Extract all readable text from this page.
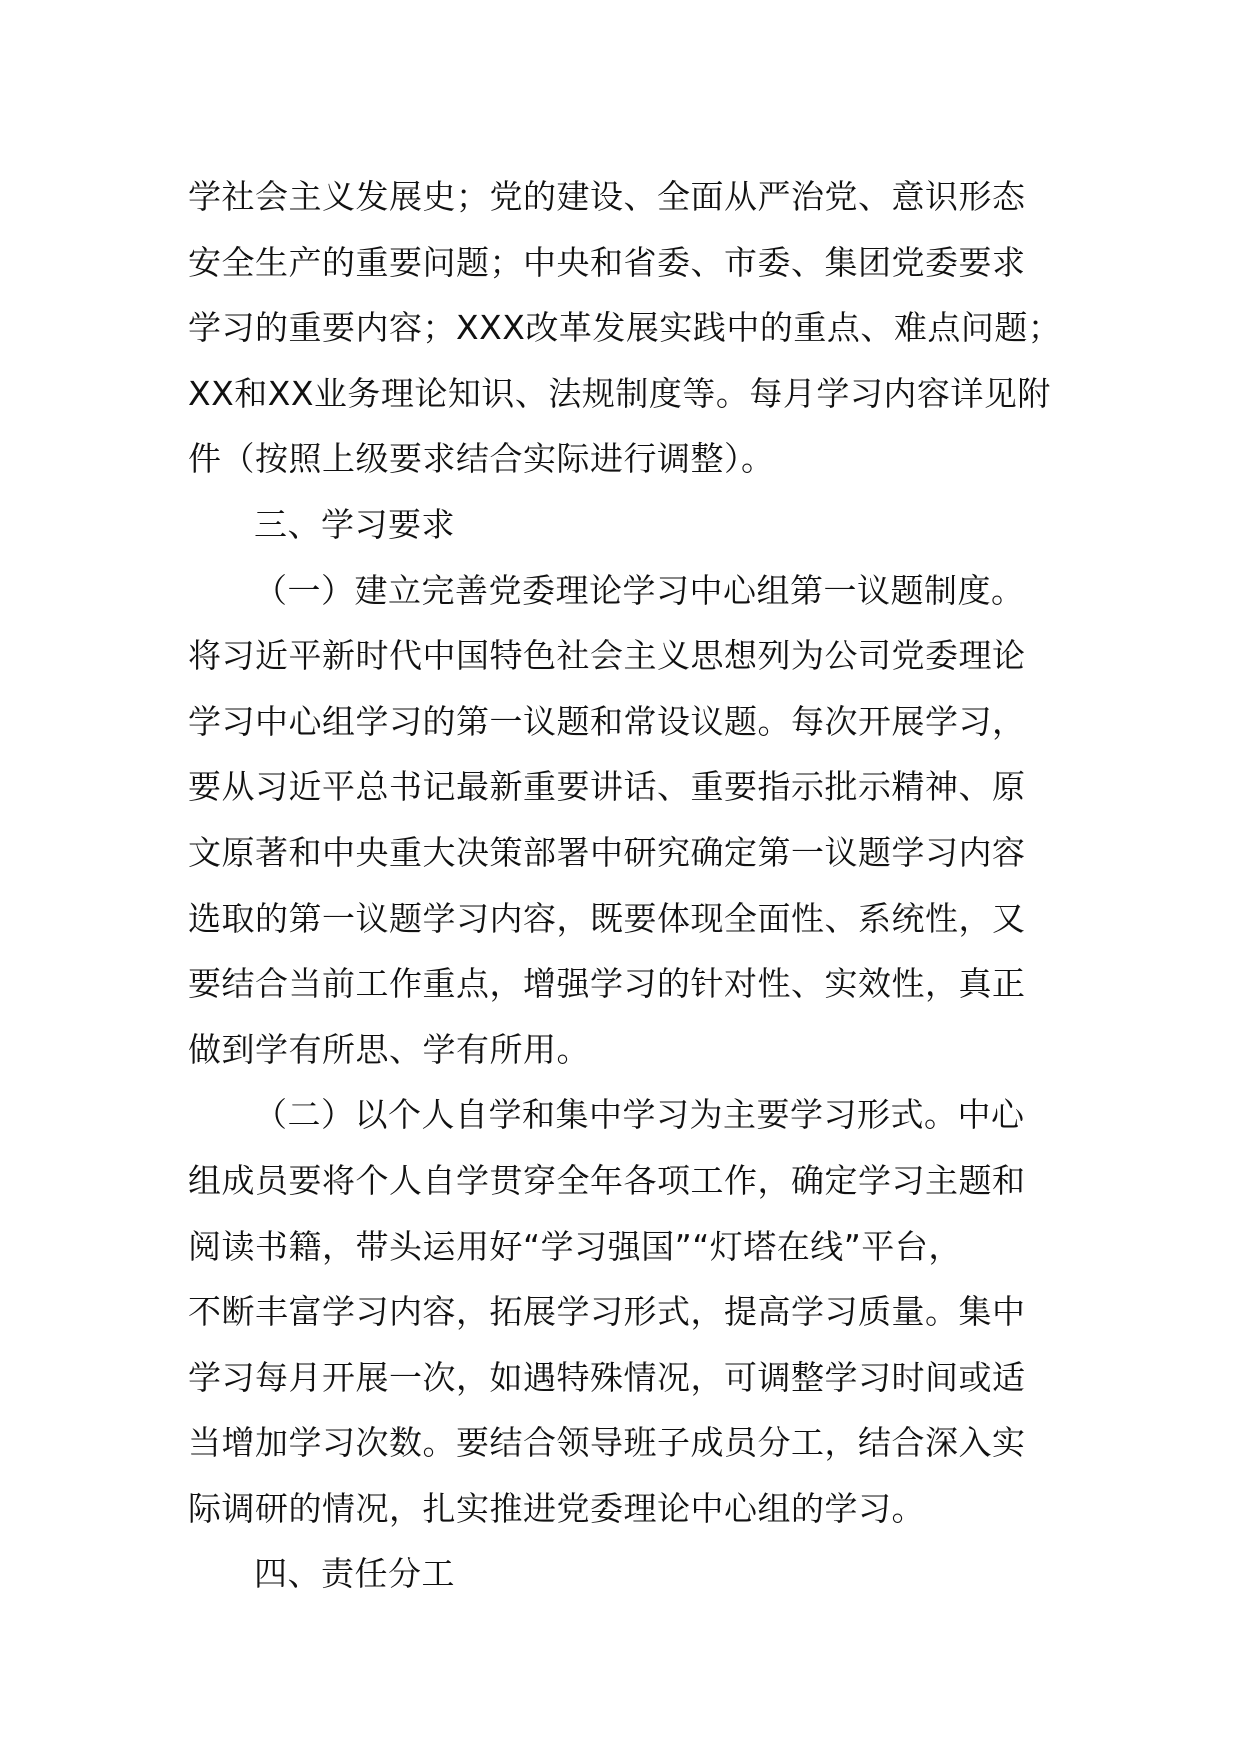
学社会主义发展史；党的建设、全面从严治党、意识形态
安全生产的重要问题；中央和省委、市委、集团党委要求
学习的重要内容；XXX改革发展实践中的重点、难点问题；
XX和XX业务理论知识、法规制度等。每月学习内容详见附
件（按照上级要求结合实际进行调整）。
三、学习要求
（一）建立完善党委理论学习中心组第一议题制度。
将习近平新时代中国特色社会主义思想列为公司党委理论
学习中心组学习的第一议题和常设议题。每次开展学习，
要从习近平总书记最新重要讲话、重要指示批示精神、原
文原著和中央重大决策部署中研究确定第一议题学习内容
选取的第一议题学习内容，既要体现全面性、系统性，又
要结合当前工作重点，增强学习的针对性、实效性，真正
做到学有所思、学有所用。
（二）以个人自学和集中学习为主要学习形式。中心
组成员要将个人自学贯穿全年各项工作，确定学习主题和
阅读书籍，带头运用好“学习强国”“灯塔在线”平台，
不断丰富学习内容，拓展学习形式，提高学习质量。集中
学习每月开展一次，如遇特殊情况，可调整学习时间或适
当增加学习次数。要结合领导班子成员分工，结合深入实
际调研的情况，扎实推进党委理论中心组的学习。
四、责任分工
